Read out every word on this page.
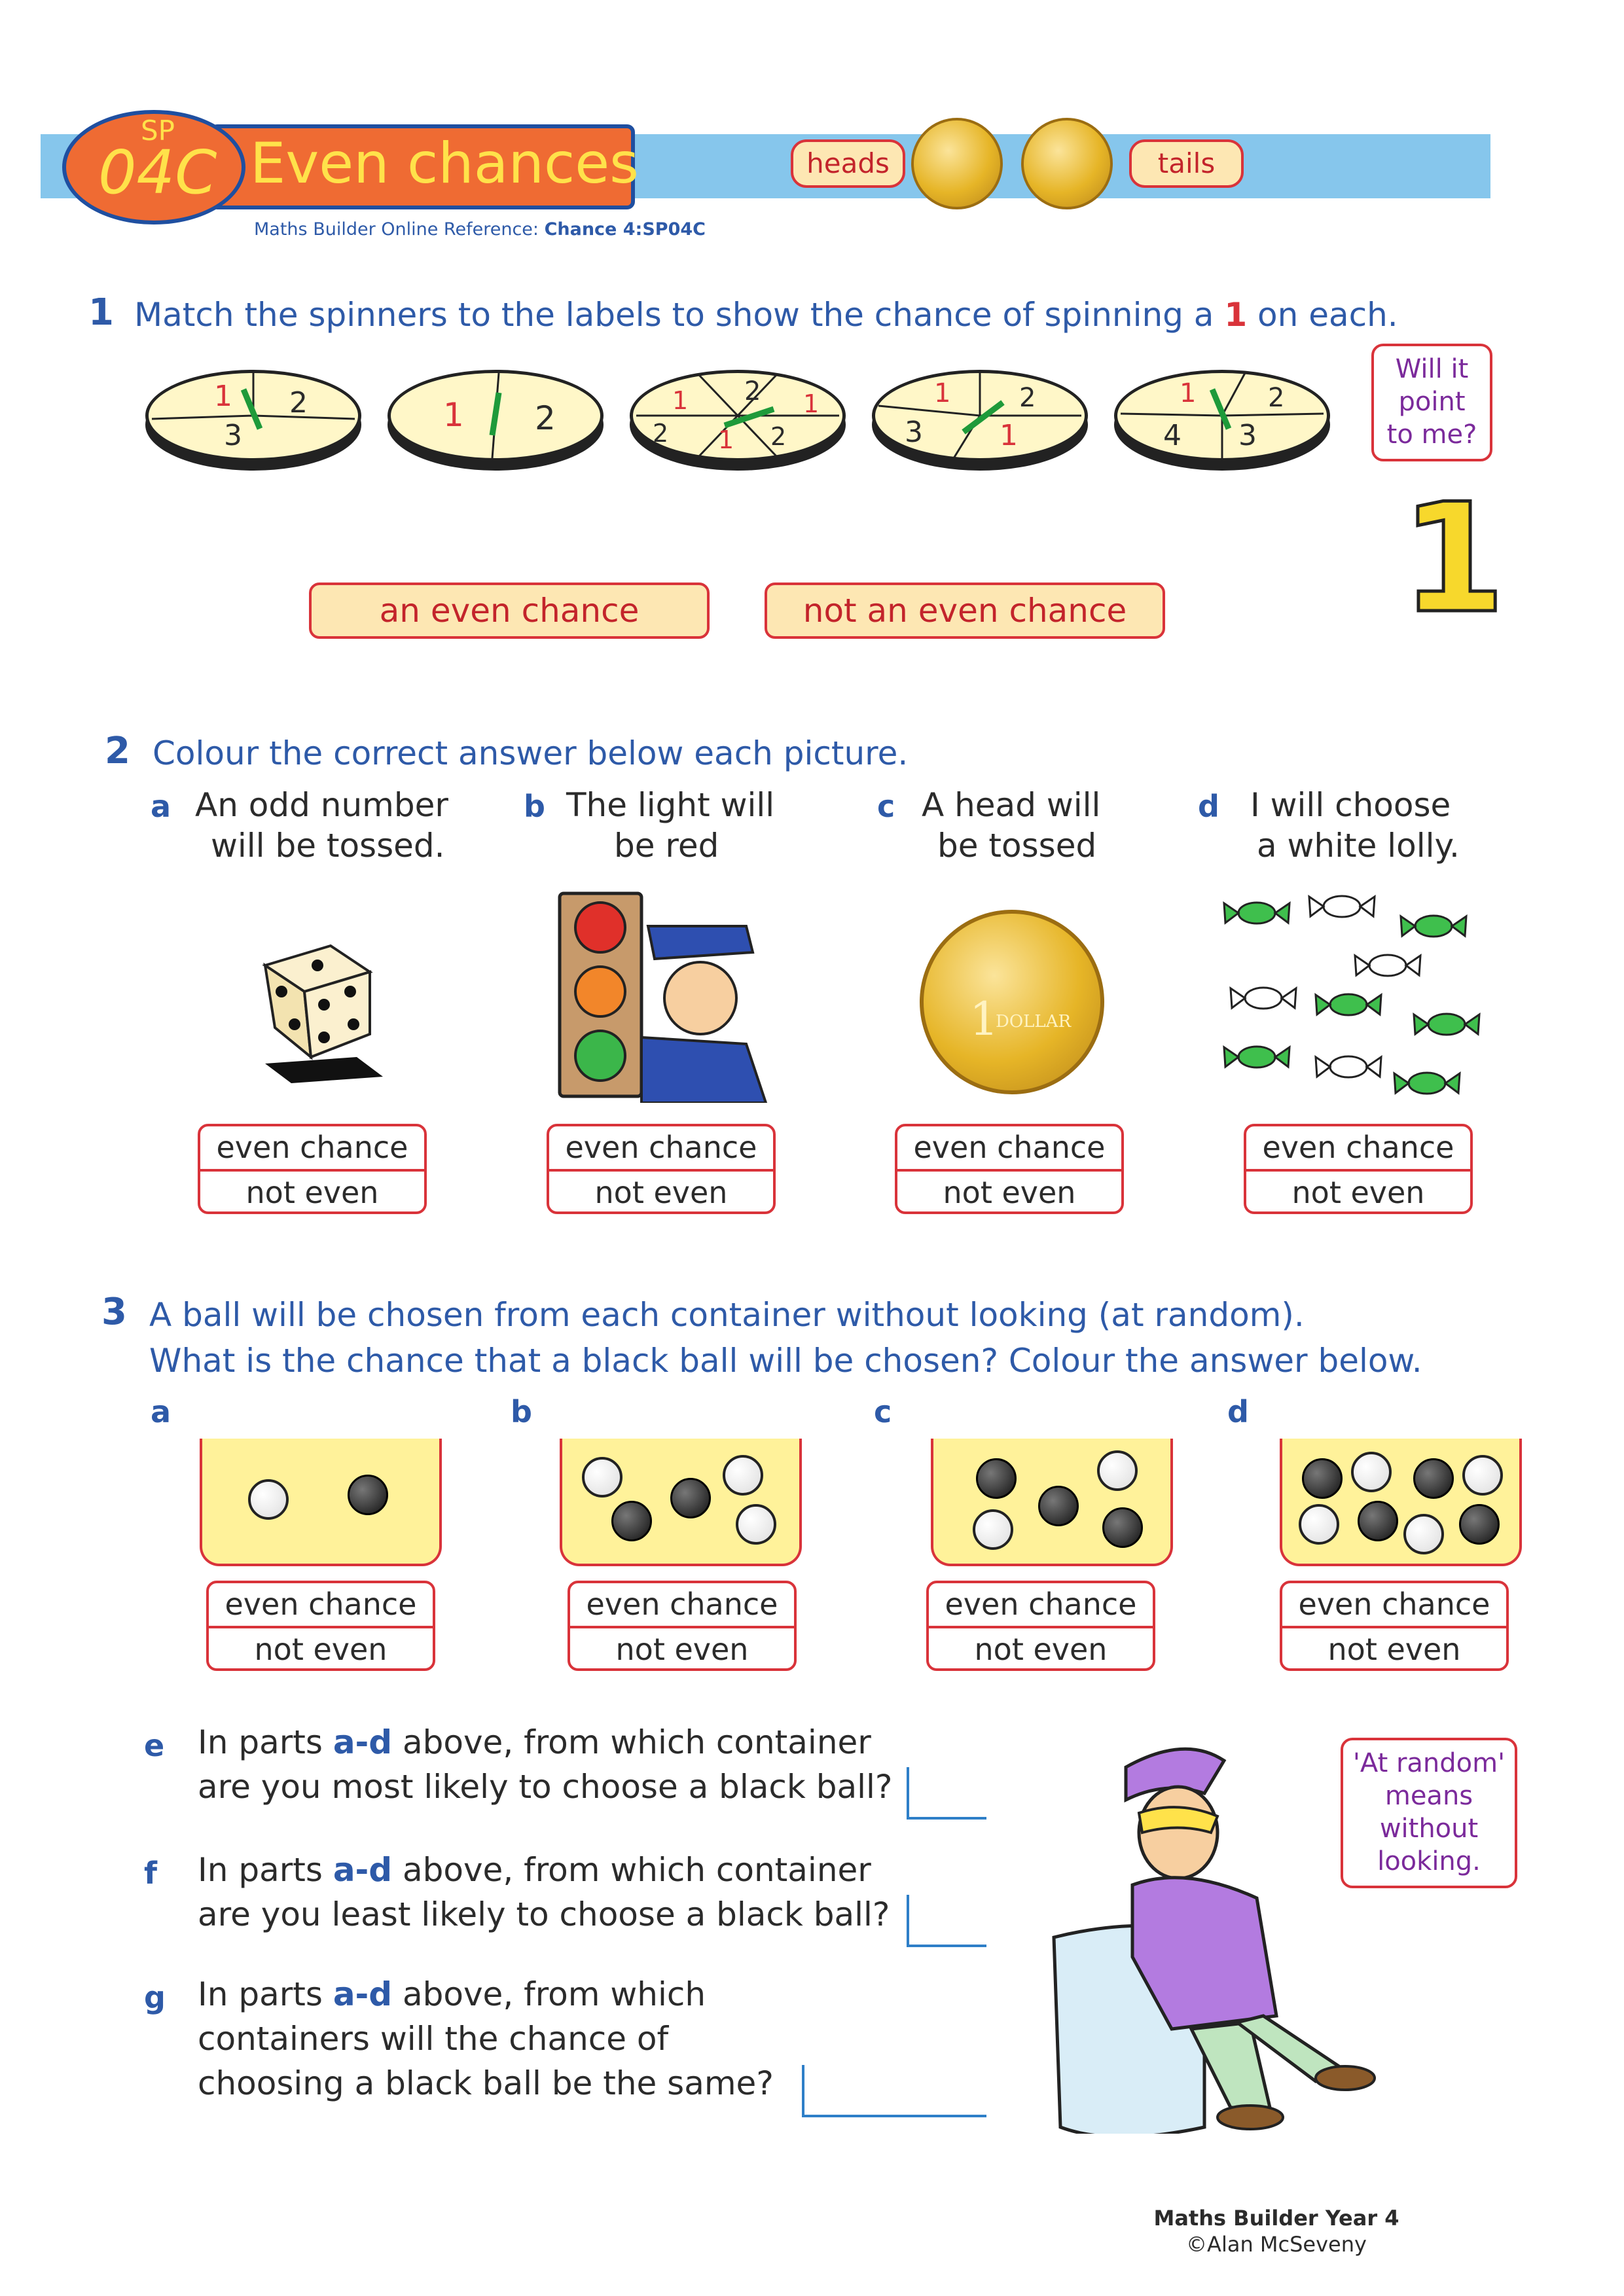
SP
04C Even chances
Maths Builder Online Reference: Chance 4:SP04C
heads	tails
1 Match the spinners to the labels to show the chance of spinning a 1 on each.
1 2
3
1 2
2
1
2 1 2
1	1	2
1
3
1	2
3
4
Will it
point
to me?
1
an even chance	not an even chance
2 Colour the correct answer below each picture.
a An odd number
will be tossed.
b The light will
be red
c A head will
be tossed
d I will choose
a white lolly.
1
DOLLAR
even chance
not even
even chance
not even
even chance
not even
even chance
not even
3 A ball will be chosen from each container without looking (at random).
What is the chance that a black ball will be chosen? Colour the answer below.
a	b	c	d
even chance
not even
even chance
not even
even chance
not even
even chance
not even
e In parts a-d above, from which container
are you most likely to choose a black ball?
f In parts a-d above, from which container
are you least likely to choose a black ball?
g In parts a-d above, from which
containers will the chance of
choosing a black ball be the same?
'At random'
means
without
looking.
Maths Builder Year 4
©Alan McSeveny
